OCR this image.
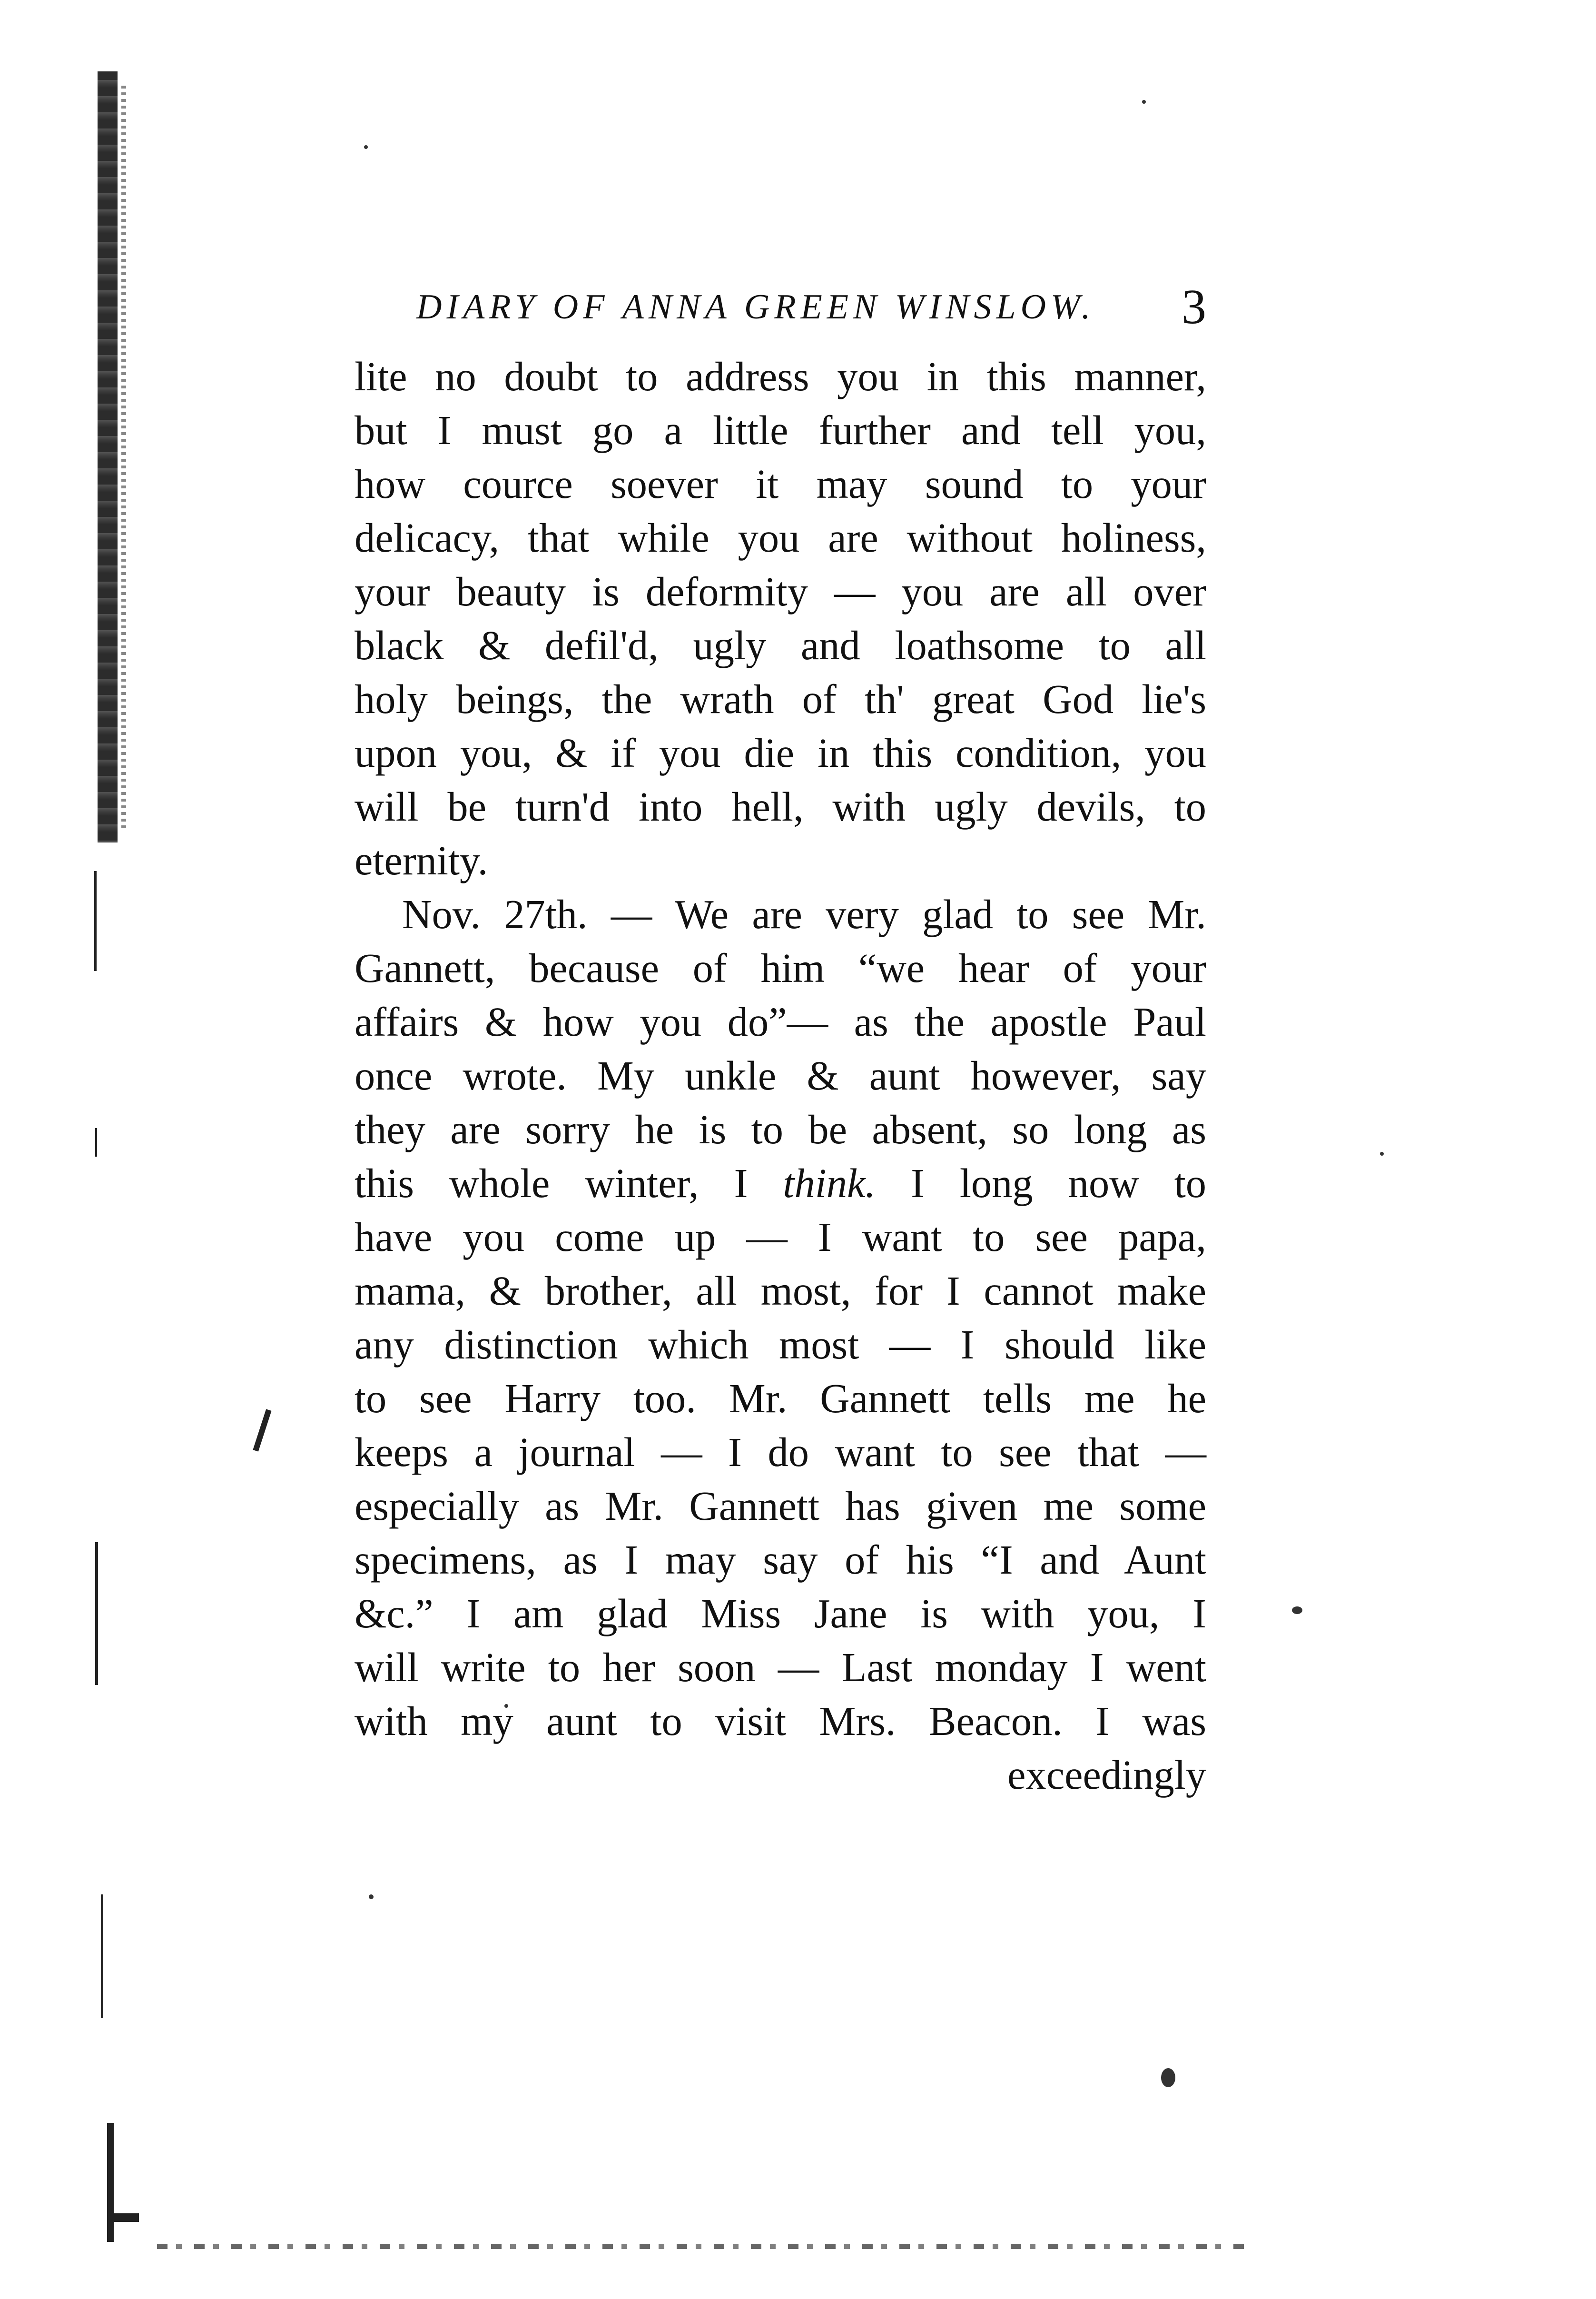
DIARY OF ANNA GREEN WINSLOW. 3
lite no doubt to address you in this manner,
but I must go a little further and tell you,
how cource soever it may sound to your
delicacy, that while you are without holiness,
your beauty is deformity — you are all over
black & defil'd, ugly and loathsome to all
holy beings, the wrath of th' great God lie's
upon you, & if you die in this condition, you
will be turn'd into hell, with ugly devils, to
eternity.
Nov. 27th. — We are very glad to see Mr.
Gannett, because of him “we hear of your
affairs & how you do”— as the apostle Paul
once wrote. My unkle & aunt however, say
they are sorry he is to be absent, so long as
this whole winter, I think. I long now to
have you come up — I want to see papa,
mama, & brother, all most, for I cannot make
any distinction which most — I should like
to see Harry too. Mr. Gannett tells me he
keeps a journal — I do want to see that —
especially as Mr. Gannett has given me some
specimens, as I may say of his “I and Aunt
&c.” I am glad Miss Jane is with you, I
will write to her soon — Last monday I went
with my aunt to visit Mrs. Beacon. I was
exceedingly
